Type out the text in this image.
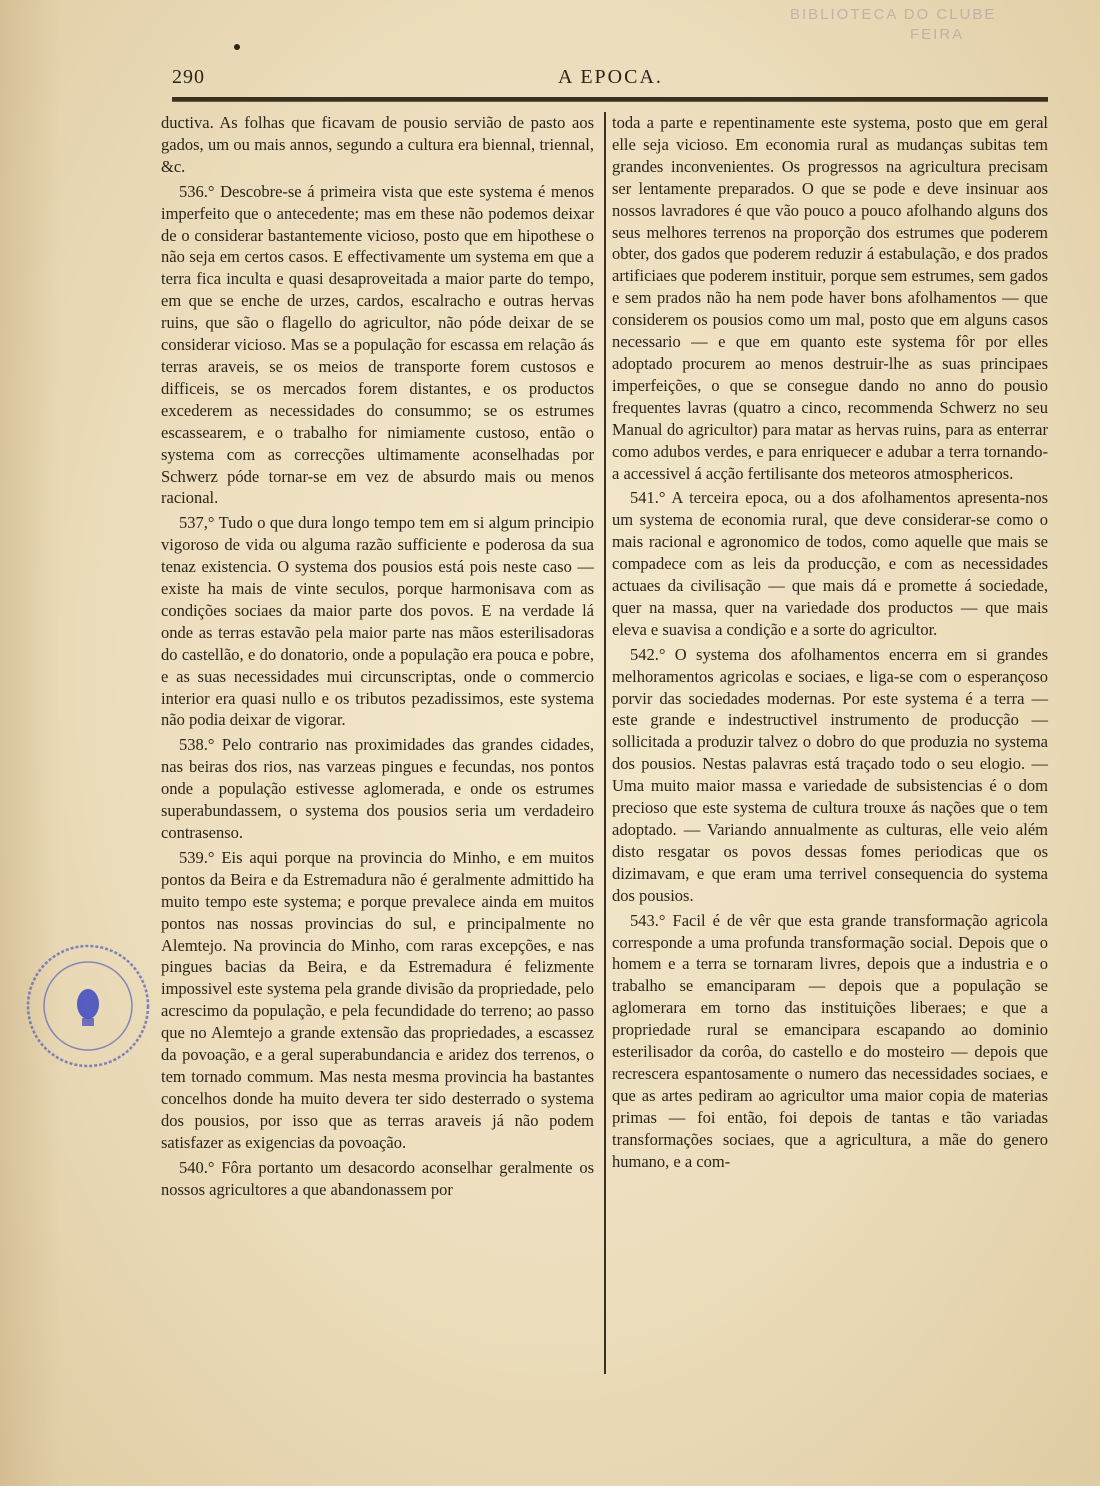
BIBLIOTECA DO CLUBE
FEIRA
290	A EPOCA.

ductiva. As folhas que ficavam de pousio servião de pasto aos gados, um ou mais annos, segundo a cultura era biennal, triennal, &c.

536.° Descobre-se á primeira vista que este systema é menos imperfeito que o antecedente; mas em these não podemos deixar de o considerar bastantemente vicioso, posto que em hipothese o não seja em certos casos. E effectivamente um systema em que a terra fica inculta e quasi desaproveitada a maior parte do tempo, em que se enche de urzes, cardos, escalracho e outras hervas ruins, que são o flagello do agricultor, não póde deixar de se considerar vicioso. Mas se a população for escassa em relação ás terras araveis, se os meios de transporte forem custosos e difficeis, se os mercados forem distantes, e os productos excederem as necessidades do consummo; se os estrumes escassearem, e o trabalho for nimiamente custoso, então o systema com as correcções ultimamente aconselhadas por Schwerz póde tornar-se em vez de absurdo mais ou menos racional.

537,° Tudo o que dura longo tempo tem em si algum principio vigoroso de vida ou alguma razão sufficiente e poderosa da sua tenaz existencia. O systema dos pousios está pois neste caso — existe ha mais de vinte seculos, porque harmonisava com as condições sociaes da maior parte dos povos. E na verdade lá onde as terras estavão pela maior parte nas mãos esterilisadoras do castellão, e do donatorio, onde a população era pouca e pobre, e as suas necessidades mui circunscriptas, onde o commercio interior era quasi nullo e os tributos pezadissimos, este systema não podia deixar de vigorar.

538.° Pelo contrario nas proximidades das grandes cidades, nas beiras dos rios, nas varzeas pingues e fecundas, nos pontos onde a população estivesse aglomerada, e onde os estrumes superabundassem, o systema dos pousios seria um verdadeiro contrasenso.

539.° Eis aqui porque na provincia do Minho, e em muitos pontos da Beira e da Estremadura não é geralmente admittido ha muito tempo este systema; e porque prevalece ainda em muitos pontos nas nossas provincias do sul, e principalmente no Alemtejo. Na provincia do Minho, com raras excepções, e nas pingues bacias da Beira, e da Estremadura é felizmente impossivel este systema pela grande divisão da propriedade, pelo acrescimo da população, e pela fecundidade do terreno; ao passo que no Alemtejo a grande extensão das propriedades, a escassez da povoação, e a geral superabundancia e aridez dos terrenos, o tem tornado commum. Mas nesta mesma provincia ha bastantes concelhos donde ha muito devera ter sido desterrado o systema dos pousios, por isso que as terras araveis já não podem satisfazer as exigencias da povoação.

540.° Fôra portanto um desacordo aconselhar geralmente os nossos agricultores a que abandonassem por

toda a parte e repentinamente este systema, posto que em geral elle seja vicioso. Em economia rural as mudanças subitas tem grandes inconvenientes. Os progressos na agricultura precisam ser lentamente preparados. O que se pode e deve insinuar aos nossos lavradores é que vão pouco a pouco afolhando alguns dos seus melhores terrenos na proporção dos estrumes que poderem obter, dos gados que poderem reduzir á estabulação, e dos prados artificiaes que poderem instituir, porque sem estrumes, sem gados e sem prados não ha nem pode haver bons afolhamentos — que considerem os pousios como um mal, posto que em alguns casos necessario — e que em quanto este systema fôr por elles adoptado procurem ao menos destruir-lhe as suas principaes imperfeições, o que se consegue dando no anno do pousio frequentes lavras (quatro a cinco, recommenda Schwerz no seu Manual do agricultor) para matar as hervas ruins, para as enterrar como adubos verdes, e para enriquecer e adubar a terra tornando-a accessivel á acção fertilisante dos meteoros atmosphericos.

541.° A terceira epoca, ou a dos afolhamentos apresenta-nos um systema de economia rural, que deve considerar-se como o mais racional e agronomico de todos, como aquelle que mais se compadece com as leis da producção, e com as necessidades actuaes da civilisação — que mais dá e promette á sociedade, quer na massa, quer na variedade dos productos — que mais eleva e suavisa a condição e a sorte do agricultor.

542.° O systema dos afolhamentos encerra em si grandes melhoramentos agricolas e sociaes, e liga-se com o esperançoso porvir das sociedades modernas. Por este systema é a terra — este grande e indestructivel instrumento de producção — sollicitada a produzir talvez o dobro do que produzia no systema dos pousios. Nestas palavras está traçado todo o seu elogio. — Uma muito maior massa e variedade de subsistencias é o dom precioso que este systema de cultura trouxe ás nações que o tem adoptado. — Variando annualmente as culturas, elle veio além disto resgatar os povos dessas fomes periodicas que os dizimavam, e que eram uma terrivel consequencia do systema dos pousios.

543.° Facil é de vêr que esta grande transformação agricola corresponde a uma profunda transformação social. Depois que o homem e a terra se tornaram livres, depois que a industria e o trabalho se emanciparam — depois que a população se aglomerara em torno das instituições liberaes; e que a propriedade rural se emancipara escapando ao dominio esterilisador da corôa, do castello e do mosteiro — depois que recrescera espantosamente o numero das necessidades sociaes, e que as artes pediram ao agricultor uma maior copia de materias primas — foi então, foi depois de tantas e tão variadas transformações sociaes, que a agricultura, a mãe do genero humano, e a com-
